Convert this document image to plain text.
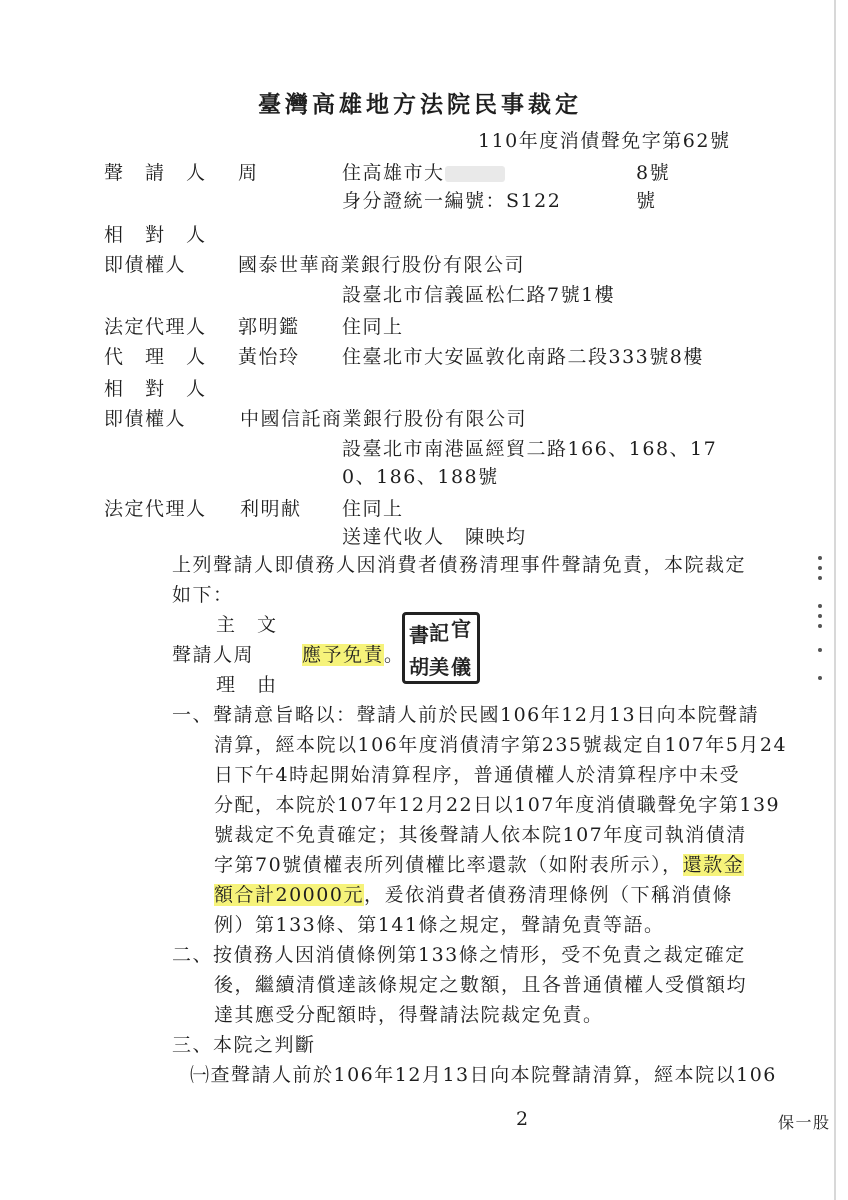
臺灣高雄地方法院民事裁定
110年度消債聲免字第62號
聲　請　人 周	住高雄市大	8號
身分證統一編號：S122	號
相　對　人
即債權人	國泰世華商業銀行股份有限公司
設臺北市信義區松仁路7號1樓
法定代理人 郭明鑑 住同上
代　理　人 黃怡玲 住臺北市大安區敦化南路二段333號8樓
相　對　人
即債權人	中國信託商業銀行股份有限公司
設臺北市南港區經貿二路166、168、17
0、186、188號
法定代理人 利明献 住同上
送達代收人　陳映均
上列聲請人即債務人因消費者債務清理事件聲請免責，本院裁定
如下：
主　文
聲請人周	應予免責。
理　由
一、聲請意旨略以：聲請人前於民國106年12月13日向本院聲請
清算，經本院以106年度消債清字第235號裁定自107年5月24
日下午4時起開始清算程序，普通債權人於清算程序中未受
分配，本院於107年12月22日以107年度消債職聲免字第139
號裁定不免責確定；其後聲請人依本院107年度司執消債清
字第70號債權表所列債權比率還款（如附表所示），還款金
額合計20000元，爰依消費者債務清理條例（下稱消債條
例）第133條、第141條之規定，聲請免責等語。
二、按債務人因消債條例第133條之情形，受不免責之裁定確定
後，繼續清償達該條規定之數額，且各普通債權人受償額均
達其應受分配額時，得聲請法院裁定免責。
三、本院之判斷
㈠查聲請人前於106年12月13日向本院聲請清算，經本院以106
書 記 官
胡 美 儀
2	保一股
